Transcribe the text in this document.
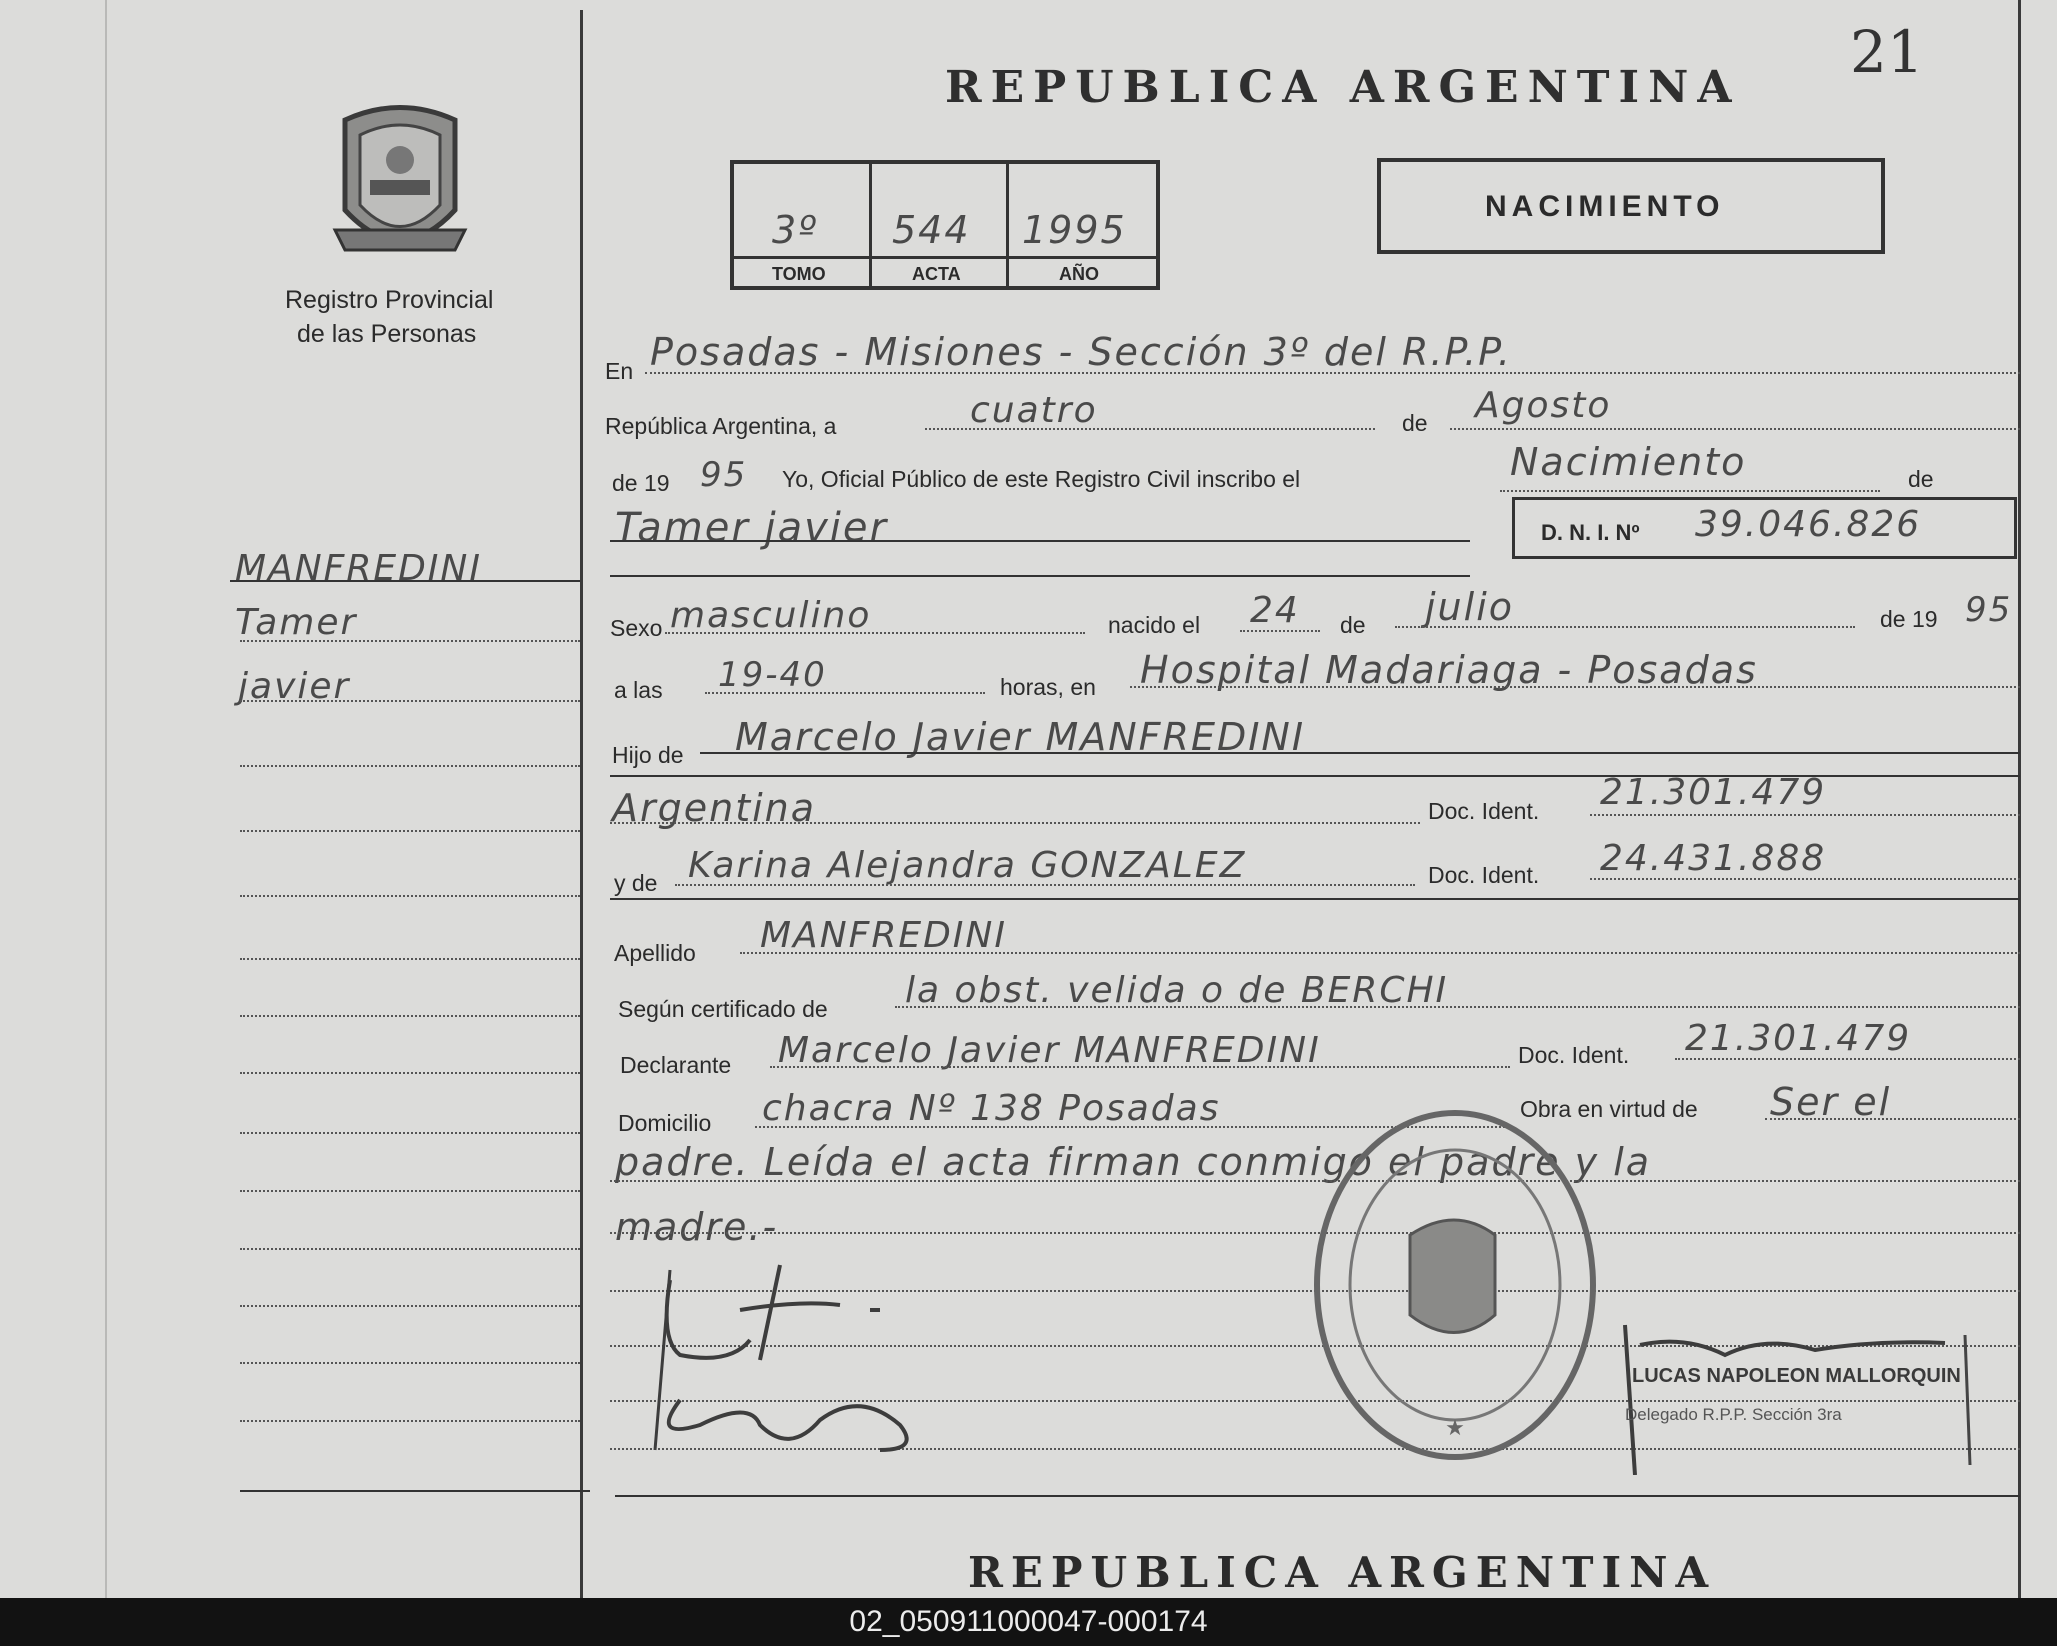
21
REPUBLICA ARGENTINA
Registro Provincial
de las Personas
3º 544 1995
TOMO	ACTA	AÑO
NACIMIENTO
MANFREDINI
Tamer
javier
En Posadas - Misiones - Sección 3º del R.P.P.
República Argentina, a	cuatro	de Agosto
de 19 95 Yo, Oficial Público de este Registro Civil inscribo el	Nacimiento	de
Tamer javier	D. N. I. Nº 39.046.826
Sexo masculino	nacido el 24 de julio	de 19 95
a las 19-40	horas, en Hospital Madariaga - Posadas
Hijo de Marcelo Javier MANFREDINI
Argentina	Doc. Ident. 21.301.479
y de Karina Alejandra GONZALEZ	Doc. Ident. 24.431.888
Apellido MANFREDINI
Según certificado de la obst. velida o de BERCHI
Declarante Marcelo Javier MANFREDINI	Doc. Ident. 21.301.479
Domicilio chacra Nº 138 Posadas	Obra en virtud de Ser el
padre. Leída el acta firman conmigo el padre y la
madre.-
★
LUCAS NAPOLEON MALLORQUIN
Delegado R.P.P. Sección 3ra
REPUBLICA ARGENTINA
02_050911000047-000174
